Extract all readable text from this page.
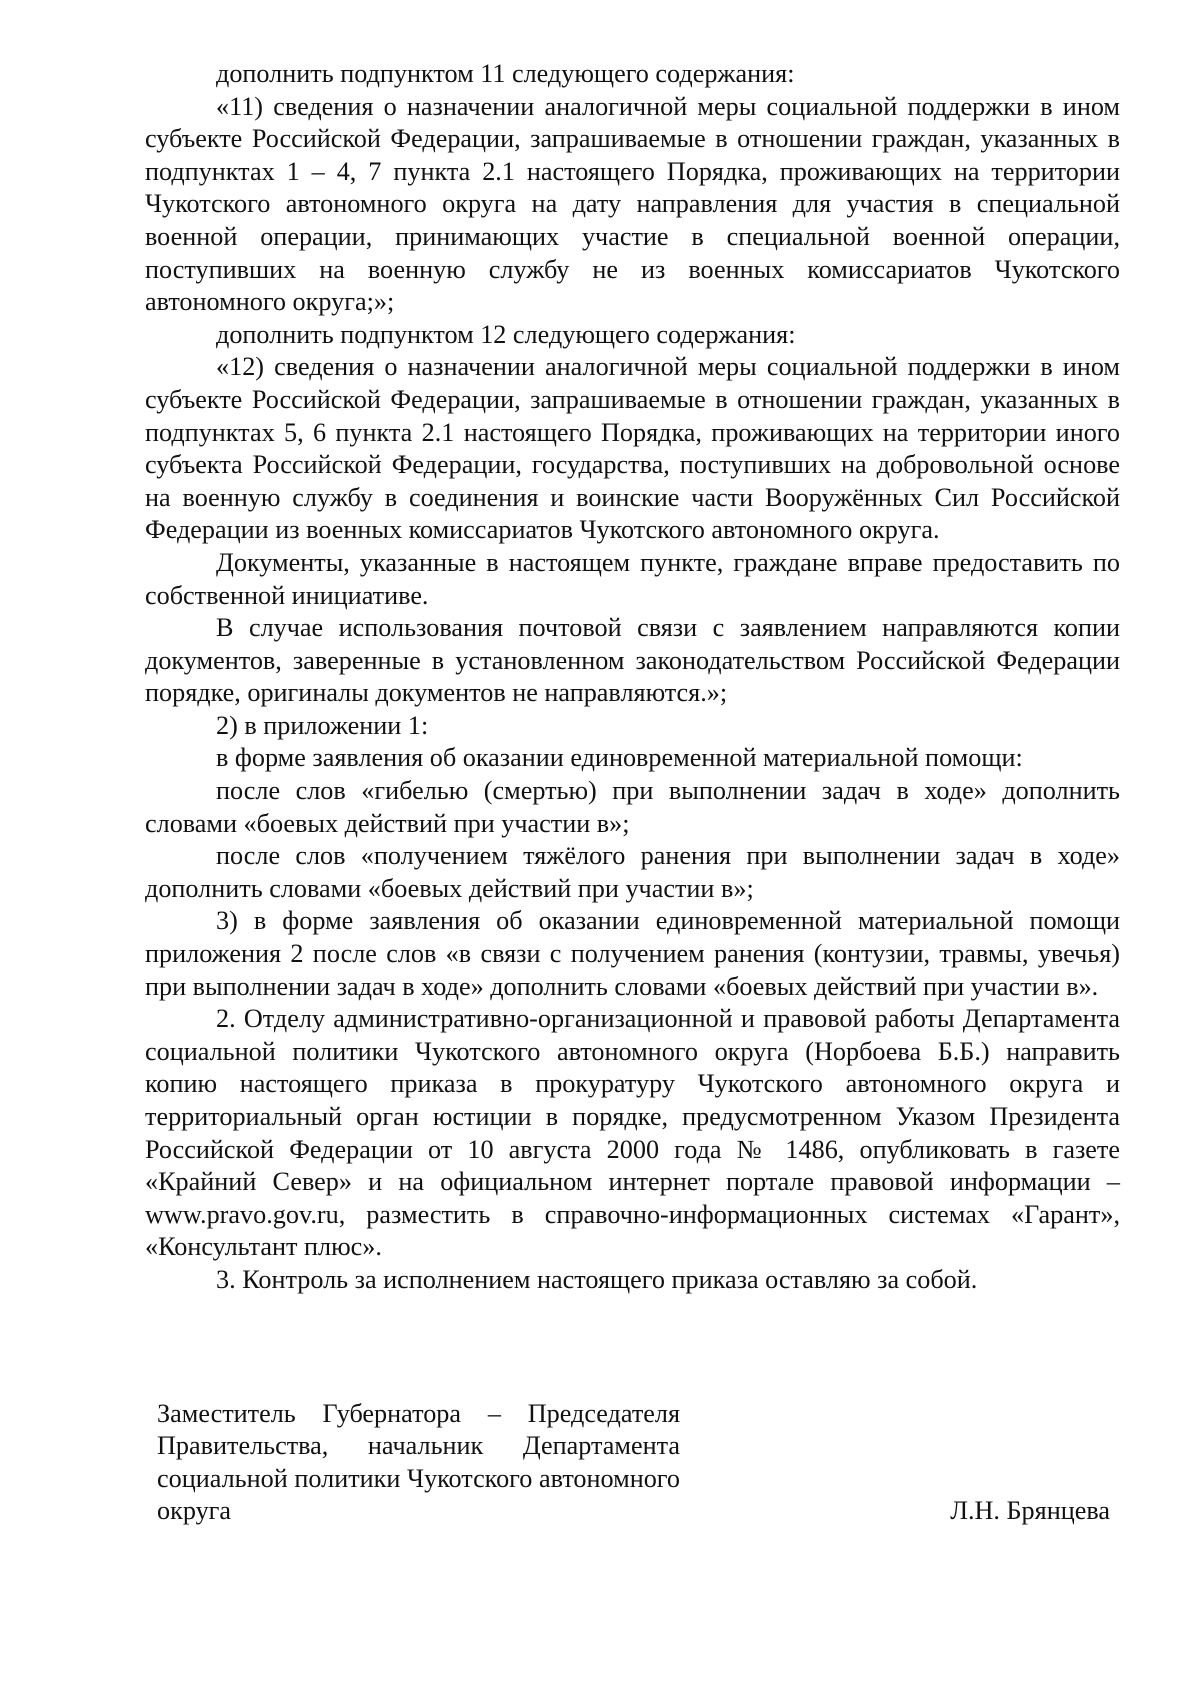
дополнить подпунктом 11 следующего содержания:

«11) сведения о назначении аналогичной меры социальной поддержки в ином субъекте Российской Федерации, запрашиваемые в отношении граждан, указанных в подпунктах 1 – 4, 7 пункта 2.1 настоящего Порядка, проживающих на территории Чукотского автономного округа на дату направления для участия в специальной военной операции, принимающих участие в специальной военной операции, поступивших на военную службу не из военных комиссариатов Чукотского автономного округа;»;

дополнить подпунктом 12 следующего содержания:

«12) сведения о назначении аналогичной меры социальной поддержки в ином субъекте Российской Федерации, запрашиваемые в отношении граждан, указанных в подпунктах 5, 6 пункта 2.1 настоящего Порядка, проживающих на территории иного субъекта Российской Федерации, государства, поступивших на добровольной основе на военную службу в соединения и воинские части Вооружённых Сил Российской Федерации из военных комиссариатов Чукотского автономного округа.

Документы, указанные в настоящем пункте, граждане вправе предоставить по собственной инициативе.

В случае использования почтовой связи с заявлением направляются копии документов, заверенные в установленном законодательством Российской Федерации порядке, оригиналы документов не направляются.»;

2) в приложении 1:

в форме заявления об оказании единовременной материальной помощи:

после слов «гибелью (смертью) при выполнении задач в ходе» дополнить словами «боевых действий при участии в»;

после слов «получением тяжёлого ранения при выполнении задач в ходе» дополнить словами «боевых действий при участии в»;

3) в форме заявления об оказании единовременной материальной помощи приложения 2 после слов «в связи с получением ранения (контузии, травмы, увечья) при выполнении задач в ходе» дополнить словами «боевых действий при участии в».

2. Отделу административно-организационной и правовой работы Департамента социальной политики Чукотского автономного округа (Норбоева Б.Б.) направить копию настоящего приказа в прокуратуру Чукотского автономного округа и территориальный орган юстиции в порядке, предусмотренном Указом Президента Российской Федерации от 10 августа 2000 года № 1486, опубликовать в газете «Крайний Север» и на официальном интернет портале правовой информации – www.pravo.gov.ru, разместить в справочно-информационных системах «Гарант», «Консультант плюс».

3. Контроль за исполнением настоящего приказа оставляю за собой.

Заместитель Губернатора – Председателя Правительства, начальник Департамента социальной политики Чукотского автономного округа	Л.Н. Брянцева
